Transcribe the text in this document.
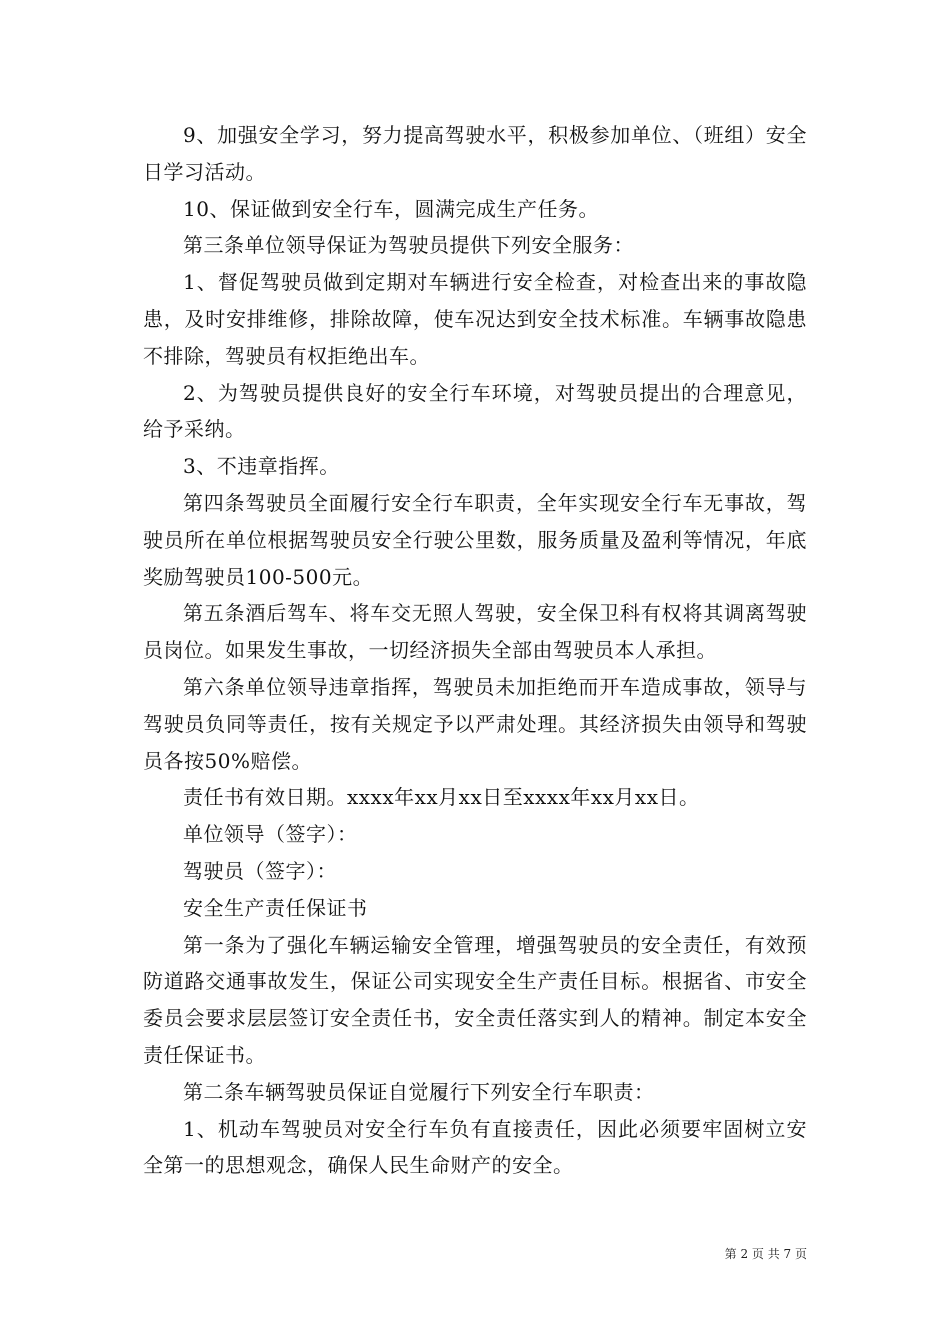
9、加强安全学习，努力提高驾驶水平，积极参加单位、（班组）安全日学习活动。

10、保证做到安全行车，圆满完成生产任务。

第三条单位领导保证为驾驶员提供下列安全服务：

1、督促驾驶员做到定期对车辆进行安全检查，对检查出来的事故隐患，及时安排维修，排除故障，使车况达到安全技术标准。车辆事故隐患不排除，驾驶员有权拒绝出车。

2、为驾驶员提供良好的安全行车环境，对驾驶员提出的合理意见，给予采纳。

3、不违章指挥。

第四条驾驶员全面履行安全行车职责，全年实现安全行车无事故，驾驶员所在单位根据驾驶员安全行驶公里数，服务质量及盈利等情况，年底奖励驾驶员100-500元。

第五条酒后驾车、将车交无照人驾驶，安全保卫科有权将其调离驾驶员岗位。如果发生事故，一切经济损失全部由驾驶员本人承担。

第六条单位领导违章指挥，驾驶员未加拒绝而开车造成事故，领导与驾驶员负同等责任，按有关规定予以严肃处理。其经济损失由领导和驾驶员各按50%赔偿。

责任书有效日期。xxxx年xx月xx日至xxxx年xx月xx日。

单位领导（签字）：

驾驶员（签字）：

安全生产责任保证书

第一条为了强化车辆运输安全管理，增强驾驶员的安全责任，有效预防道路交通事故发生，保证公司实现安全生产责任目标。根据省、市安全委员会要求层层签订安全责任书，安全责任落实到人的精神。制定本安全责任保证书。

第二条车辆驾驶员保证自觉履行下列安全行车职责：

1、机动车驾驶员对安全行车负有直接责任，因此必须要牢固树立安全第一的思想观念，确保人民生命财产的安全。

第 2 页 共 7 页
